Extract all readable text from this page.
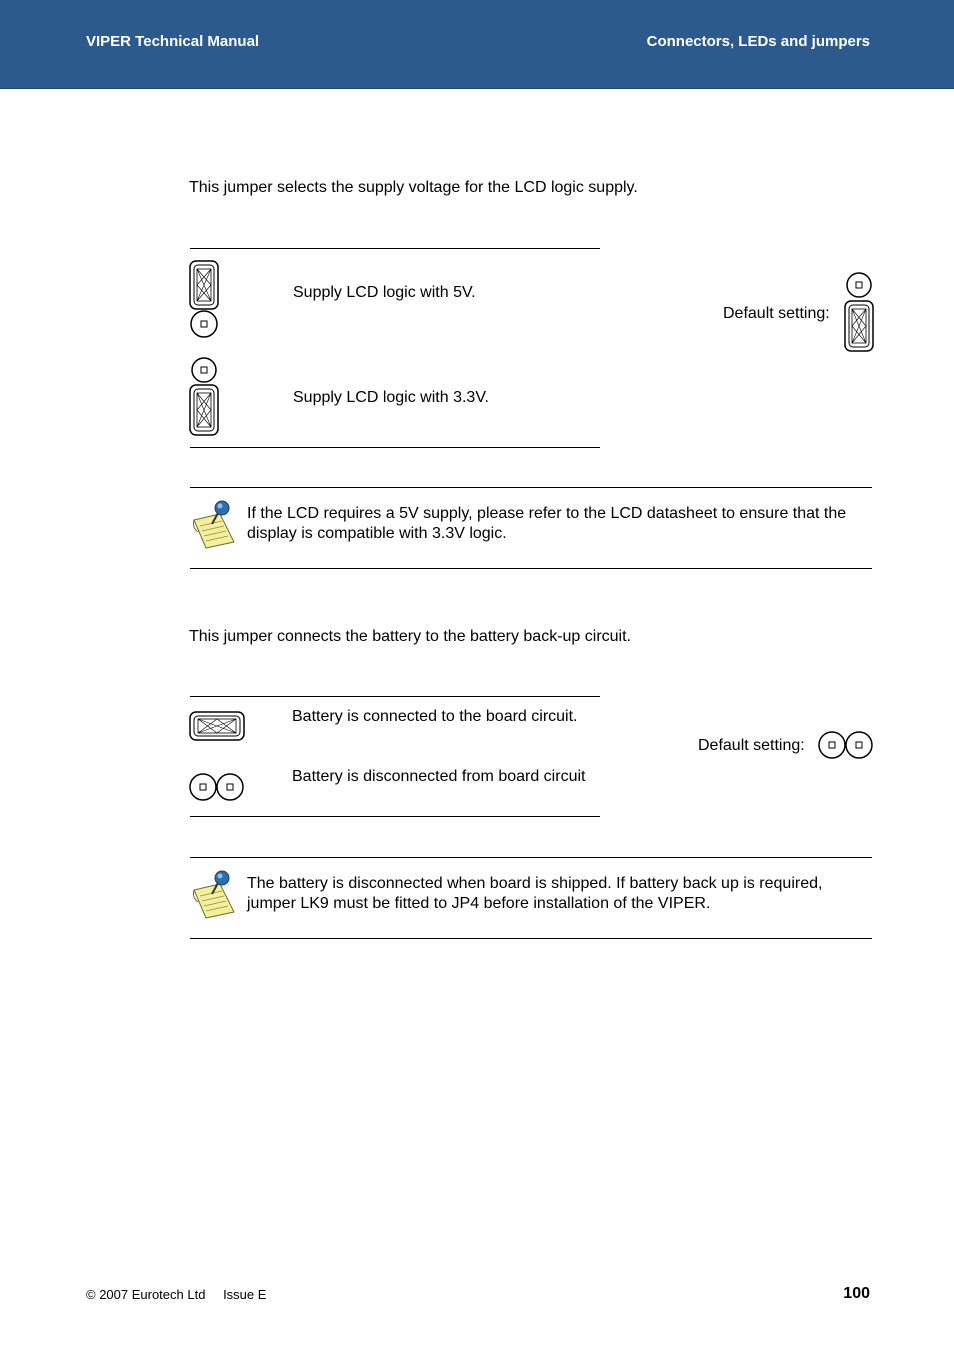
VIPER Technical Manual	Connectors, LEDs and jumpers
This jumper selects the supply voltage for the LCD logic supply.
Supply LCD logic with 5V.
Supply LCD logic with 3.3V.
Default setting:
If the LCD requires a 5V supply, please refer to the LCD datasheet to ensure that the display is compatible with 3.3V logic.
This jumper connects the battery to the battery back-up circuit.
Battery is connected to the board circuit.
Battery is disconnected from board circuit
Default setting:
The battery is disconnected when board is shipped. If battery back up is required, jumper LK9 must be fitted to JP4 before installation of the VIPER.
© 2007 Eurotech Ltd Issue E	100
